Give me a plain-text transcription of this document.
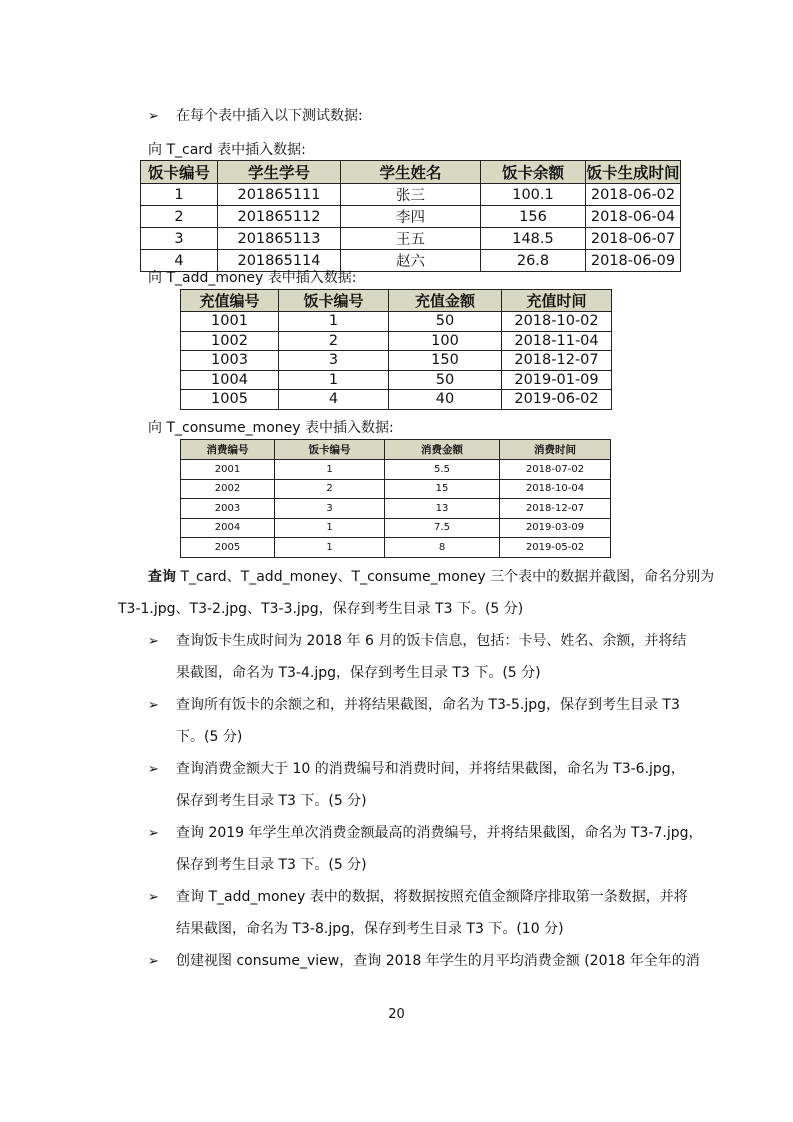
➢ 在每个表中插入以下测试数据:
向 T_card 表中插入数据:
饭卡编号	学生学号	学生姓名	饭卡余额	饭卡生成时间
1	201865111	张三	100.1	2018-06-02
2	201865112	李四	156	2018-06-04
3	201865113	王五	148.5	2018-06-07
4	201865114	赵六	26.8	2018-06-09
向 T_add_money 表中插入数据:
充值编号	饭卡编号	充值金额	充值时间
1001	1	50	2018-10-02
1002	2	100	2018-11-04
1003	3	150	2018-12-07
1004	1	50	2019-01-09
1005	4	40	2019-06-02
向 T_consume_money 表中插入数据:
消费编号	饭卡编号	消费金额	消费时间
2001	1	5.5	2018-07-02
2002	2	15	2018-10-04
2003	3	13	2018-12-07
2004	1	7.5	2019-03-09
2005	1	8	2019-05-02
查询 T_card、T_add_money、T_consume_money 三个表中的数据并截图，命名分别为
T3-1.jpg、T3-2.jpg、T3-3.jpg，保存到考生目录 T3 下。(5 分)
➢ 查询饭卡生成时间为 2018 年 6 月的饭卡信息，包括：卡号、姓名、余额，并将结
果截图，命名为 T3-4.jpg，保存到考生目录 T3 下。(5 分)
➢ 查询所有饭卡的余额之和，并将结果截图，命名为 T3-5.jpg，保存到考生目录 T3
下。(5 分)
➢ 查询消费金额大于 10 的消费编号和消费时间，并将结果截图，命名为 T3-6.jpg，
保存到考生目录 T3 下。(5 分)
➢ 查询 2019 年学生单次消费金额最高的消费编号，并将结果截图，命名为 T3-7.jpg，
保存到考生目录 T3 下。(5 分)
➢ 查询 T_add_money 表中的数据，将数据按照充值金额降序排取第一条数据，并将
结果截图，命名为 T3-8.jpg，保存到考生目录 T3 下。(10 分)
➢ 创建视图 consume_view，查询 2018 年学生的月平均消费金额 (2018 年全年的消
20
